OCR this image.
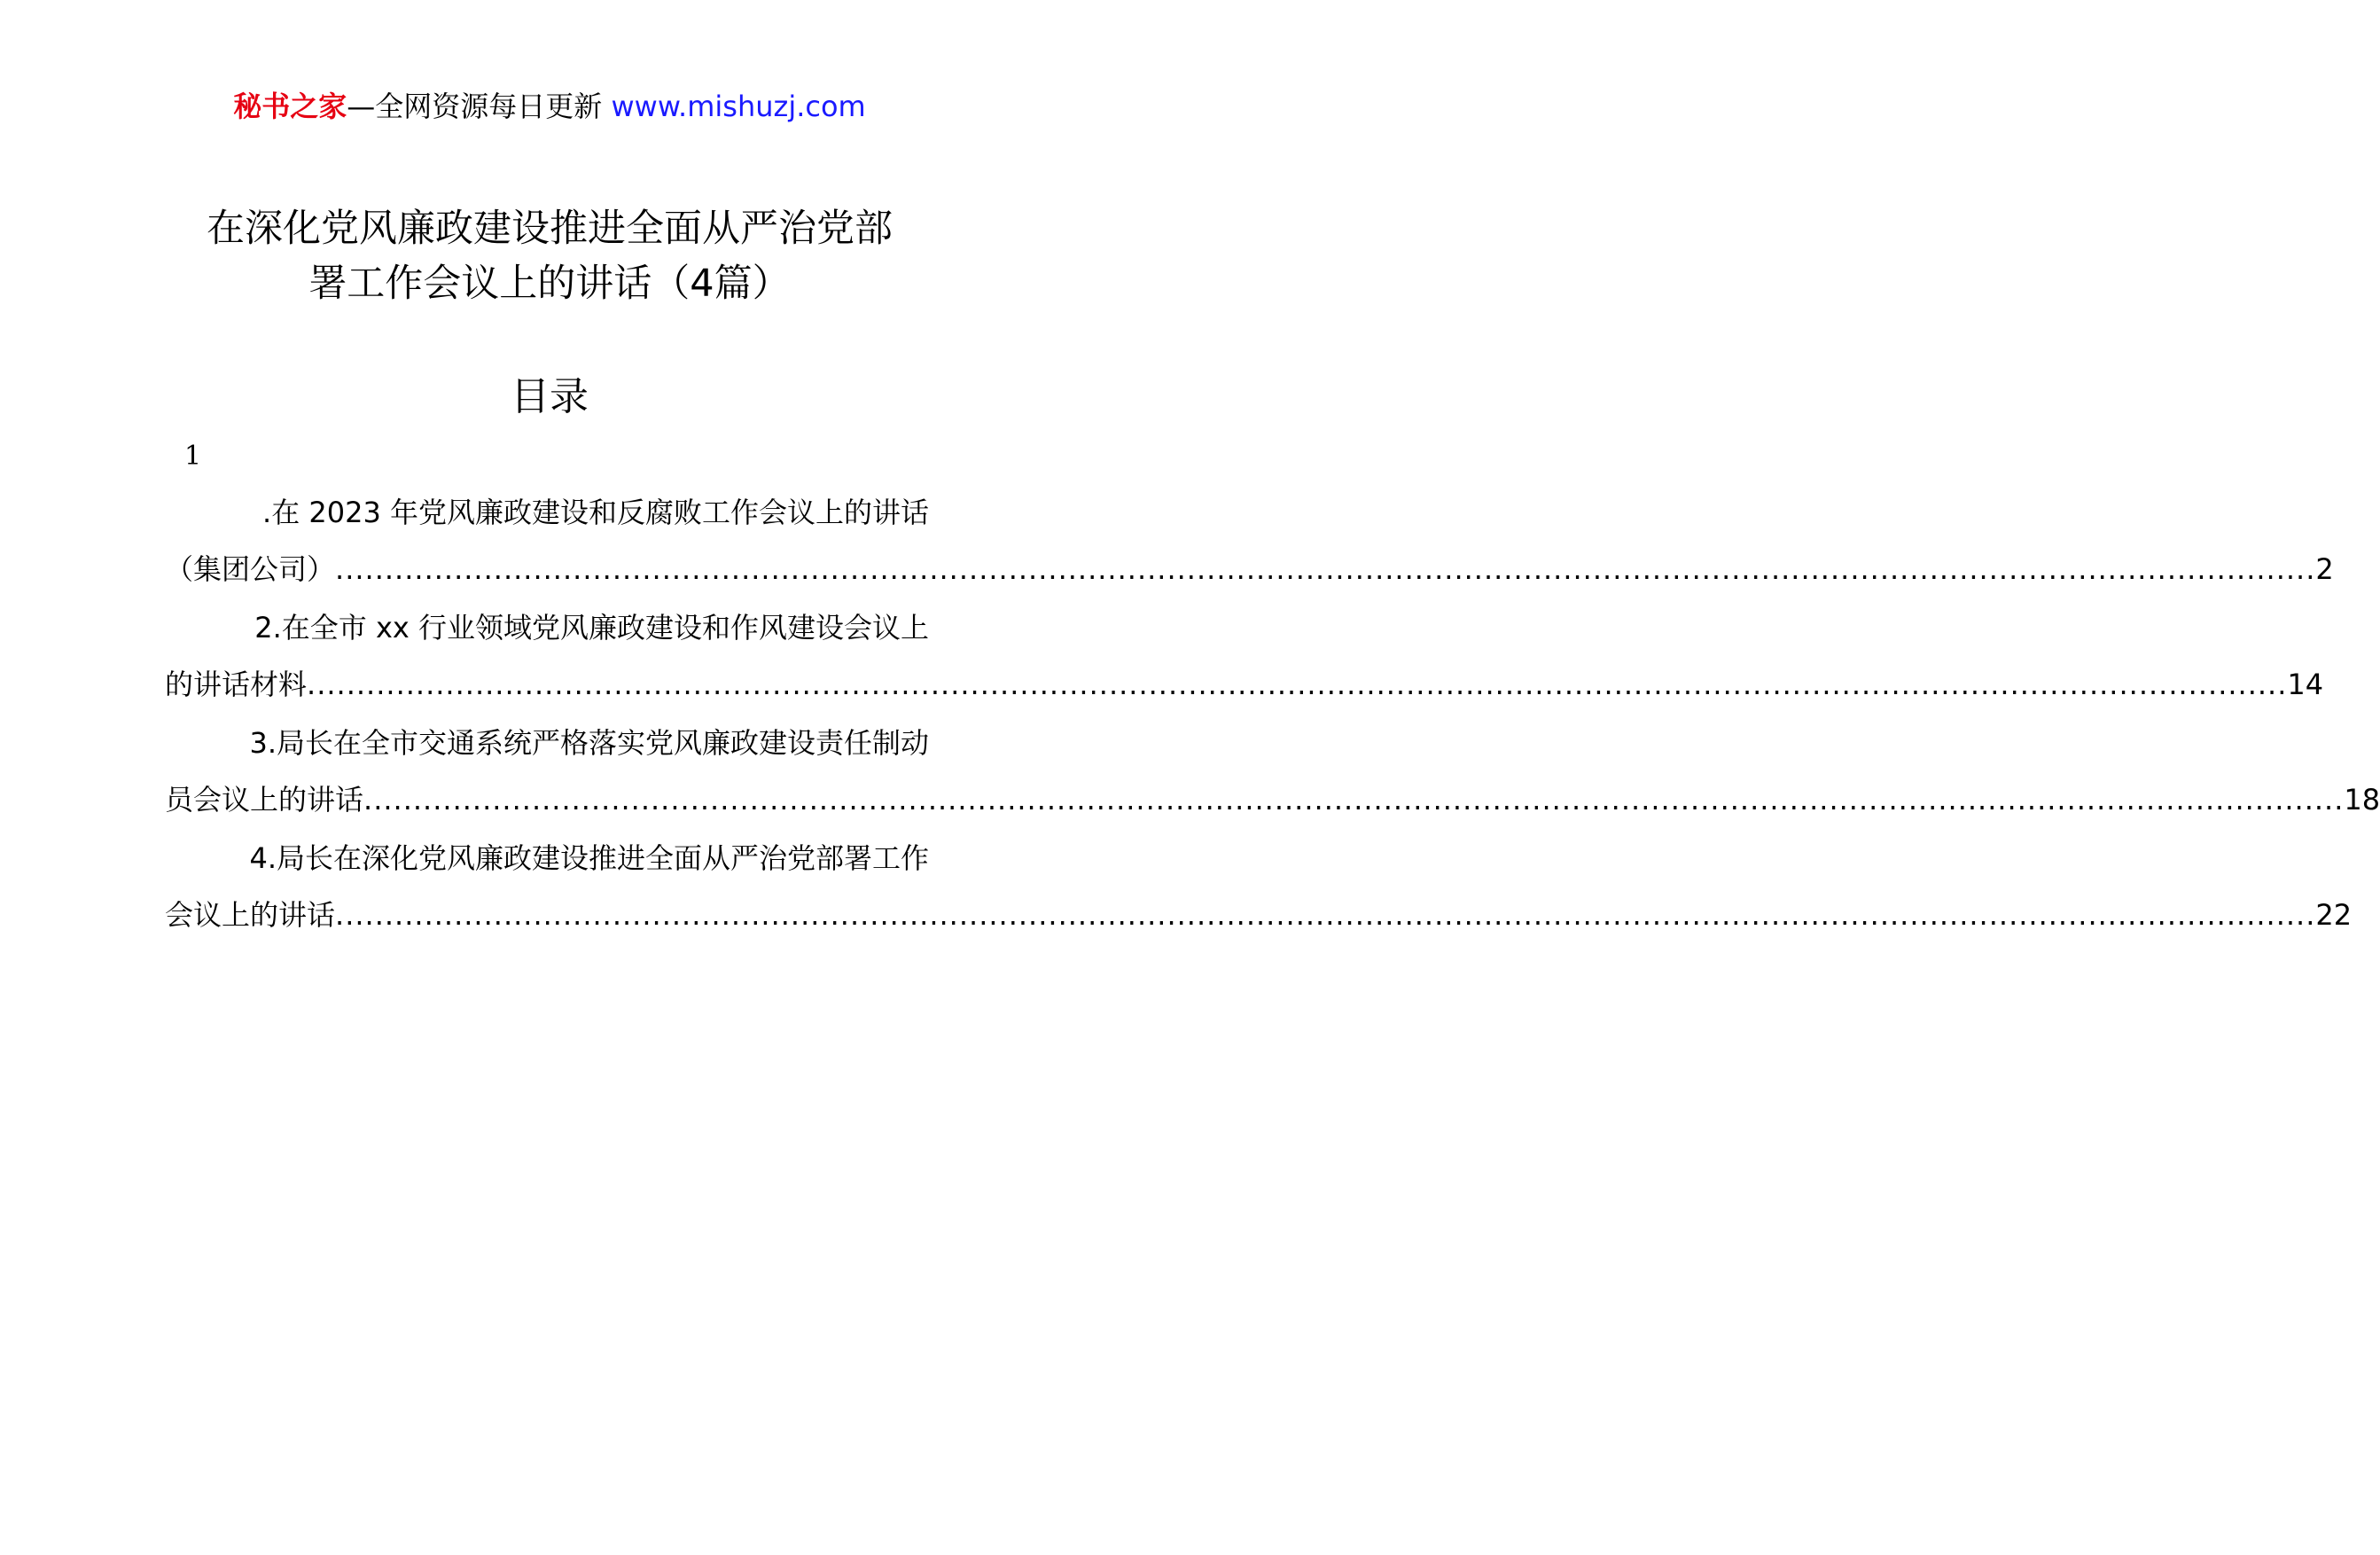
秘书之家—全网资源每日更新 www.mishuzj.com
在深化党风廉政建设推进全面从严治党部
署工作会议上的讲话（4篇）
目录
1
.在 2023 年党风廉政建设和反腐败工作会议上的讲话
（集团公司） ........................................................................................................................................................................................................ 2
2.在全市 xx 行业领域党风廉政建设和作风建设会议上
的讲话材料 ........................................................................................................................................................................................................ 14
3.局长在全市交通系统严格落实党风廉政建设责任制动
员会议上的讲话 ........................................................................................................................................................................................................ 18
4.局长在深化党风廉政建设推进全面从严治党部署工作
会议上的讲话 ........................................................................................................................................................................................................ 22
